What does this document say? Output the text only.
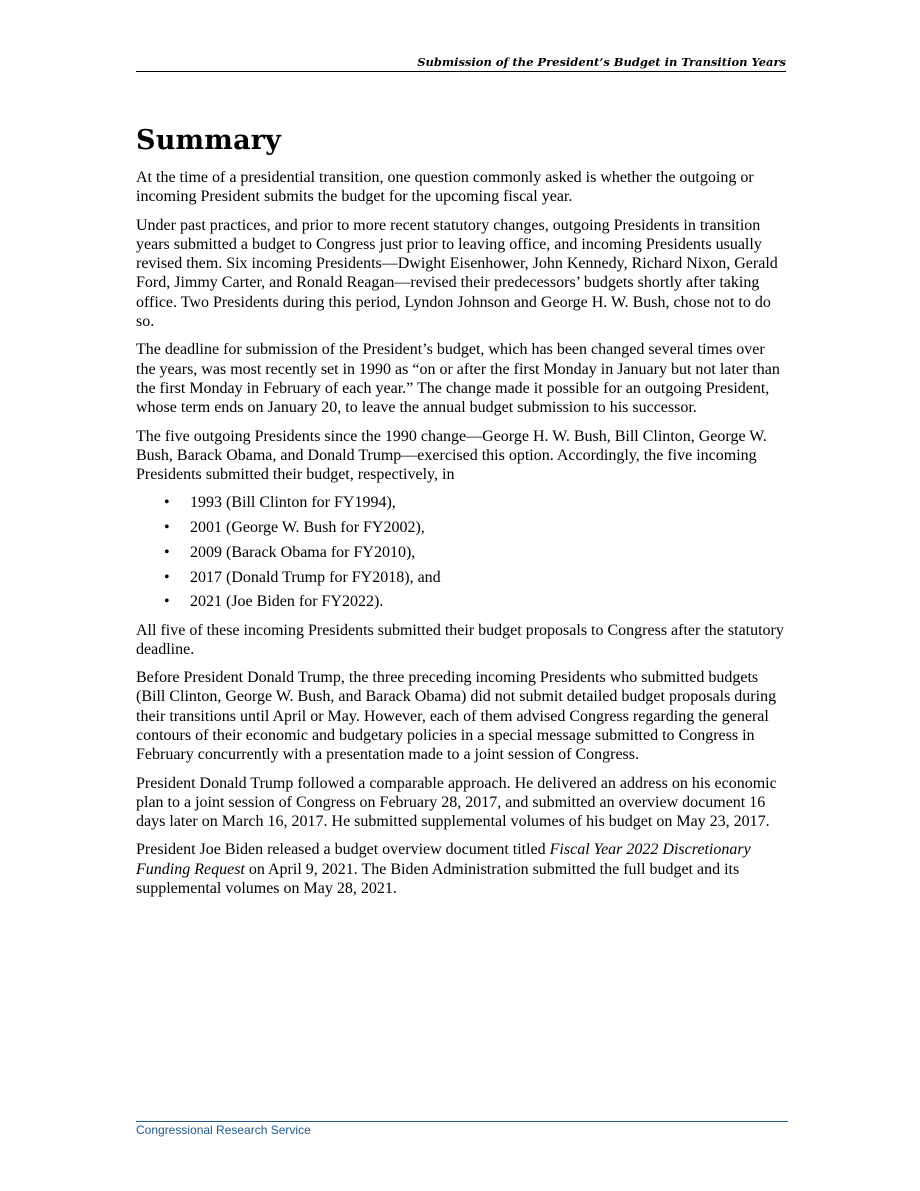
Submission of the President’s Budget in Transition Years
Summary

At the time of a presidential transition, one question commonly asked is whether the outgoing or incoming President submits the budget for the upcoming fiscal year.

Under past practices, and prior to more recent statutory changes, outgoing Presidents in transition years submitted a budget to Congress just prior to leaving office, and incoming Presidents usually revised them. Six incoming Presidents—Dwight Eisenhower, John Kennedy, Richard Nixon, Gerald Ford, Jimmy Carter, and Ronald Reagan—revised their predecessors’ budgets shortly after taking office. Two Presidents during this period, Lyndon Johnson and George H. W. Bush, chose not to do so.

The deadline for submission of the President’s budget, which has been changed several times over the years, was most recently set in 1990 as “on or after the first Monday in January but not later than the first Monday in February of each year.” The change made it possible for an outgoing President, whose term ends on January 20, to leave the annual budget submission to his successor.

The five outgoing Presidents since the 1990 change—George H. W. Bush, Bill Clinton, George W. Bush, Barack Obama, and Donald Trump—exercised this option. Accordingly, the five incoming Presidents submitted their budget, respectively, in

• 1993 (Bill Clinton for FY1994),
• 2001 (George W. Bush for FY2002),
• 2009 (Barack Obama for FY2010),
• 2017 (Donald Trump for FY2018), and
• 2021 (Joe Biden for FY2022).

All five of these incoming Presidents submitted their budget proposals to Congress after the statutory deadline.

Before President Donald Trump, the three preceding incoming Presidents who submitted budgets (Bill Clinton, George W. Bush, and Barack Obama) did not submit detailed budget proposals during their transitions until April or May. However, each of them advised Congress regarding the general contours of their economic and budgetary policies in a special message submitted to Congress in February concurrently with a presentation made to a joint session of Congress.

President Donald Trump followed a comparable approach. He delivered an address on his economic plan to a joint session of Congress on February 28, 2017, and submitted an overview document 16 days later on March 16, 2017. He submitted supplemental volumes of his budget on May 23, 2017.

President Joe Biden released a budget overview document titled Fiscal Year 2022 Discretionary Funding Request on April 9, 2021. The Biden Administration submitted the full budget and its supplemental volumes on May 28, 2021.

Congressional Research Service
